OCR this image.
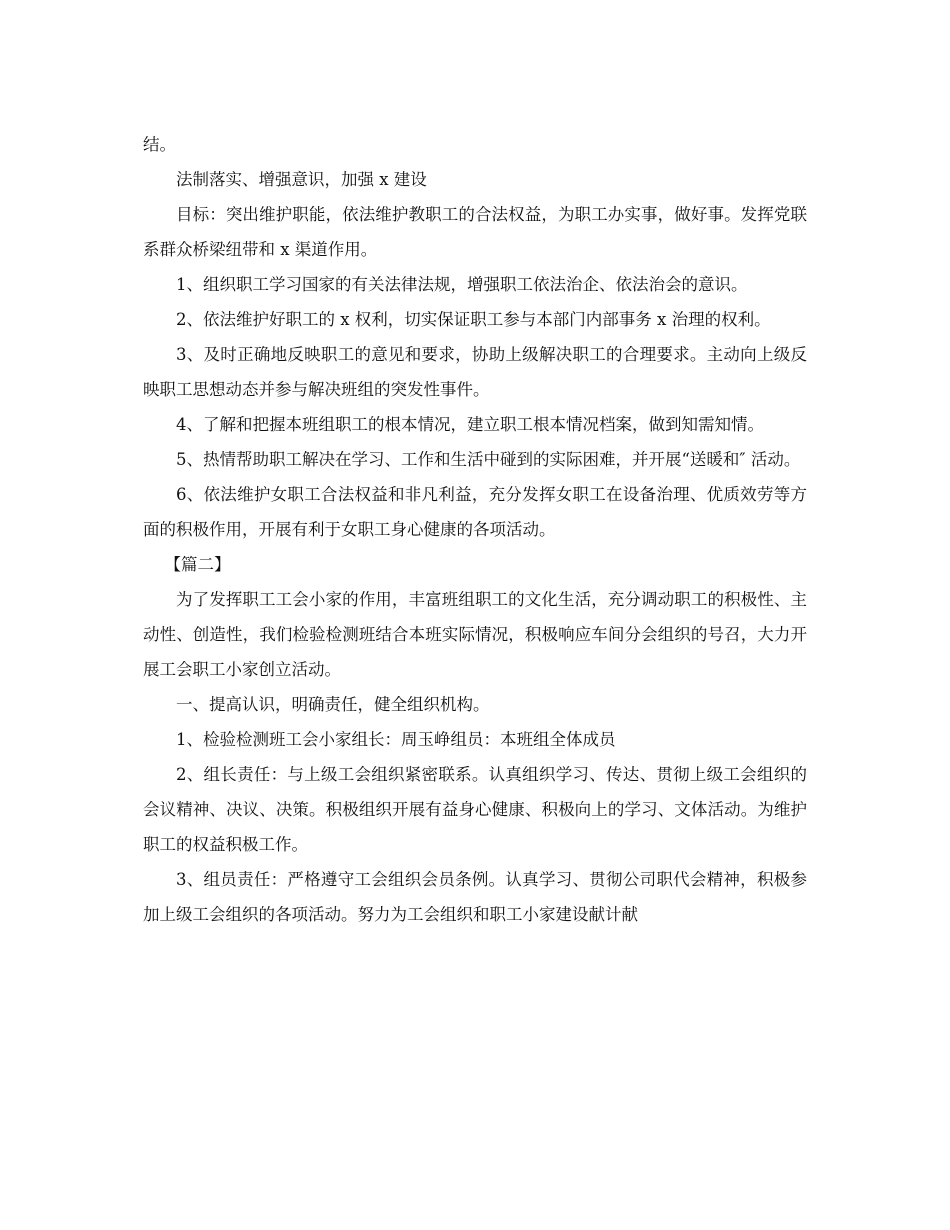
结。

法制落实、增强意识，加强 x 建设

目标：突出维护职能，依法维护教职工的合法权益，为职工办实事，做好事。发挥党联系群众桥梁纽带和 x 渠道作用。

1、组织职工学习国家的有关法律法规，增强职工依法治企、依法治会的意识。

2、依法维护好职工的 x 权利，切实保证职工参与本部门内部事务 x 治理的权利。

3、及时正确地反映职工的意见和要求，协助上级解决职工的合理要求。主动向上级反映职工思想动态并参与解决班组的突发性事件。

4、了解和把握本班组职工的根本情况，建立职工根本情况档案，做到知需知情。

5、热情帮助职工解决在学习、工作和生活中碰到的实际困难，并开展“送暖和″ 活动。

6、依法维护女职工合法权益和非凡利益，充分发挥女职工在设备治理、优质效劳等方面的积极作用，开展有利于女职工身心健康的各项活动。

【篇二】

为了发挥职工工会小家的作用，丰富班组职工的文化生活，充分调动职工的积极性、主动性、创造性，我们检验检测班结合本班实际情况，积极响应车间分会组织的号召，大力开展工会职工小家创立活动。

一、提高认识，明确责任，健全组织机构。

1、检验检测班工会小家组长：周玉峥组员：本班组全体成员

2、组长责任：与上级工会组织紧密联系。认真组织学习、传达、贯彻上级工会组织的会议精神、决议、决策。积极组织开展有益身心健康、积极向上的学习、文体活动。为维护职工的权益积极工作。

3、组员责任：严格遵守工会组织会员条例。认真学习、贯彻公司职代会精神，积极参加上级工会组织的各项活动。努力为工会组织和职工小家建设献计献
